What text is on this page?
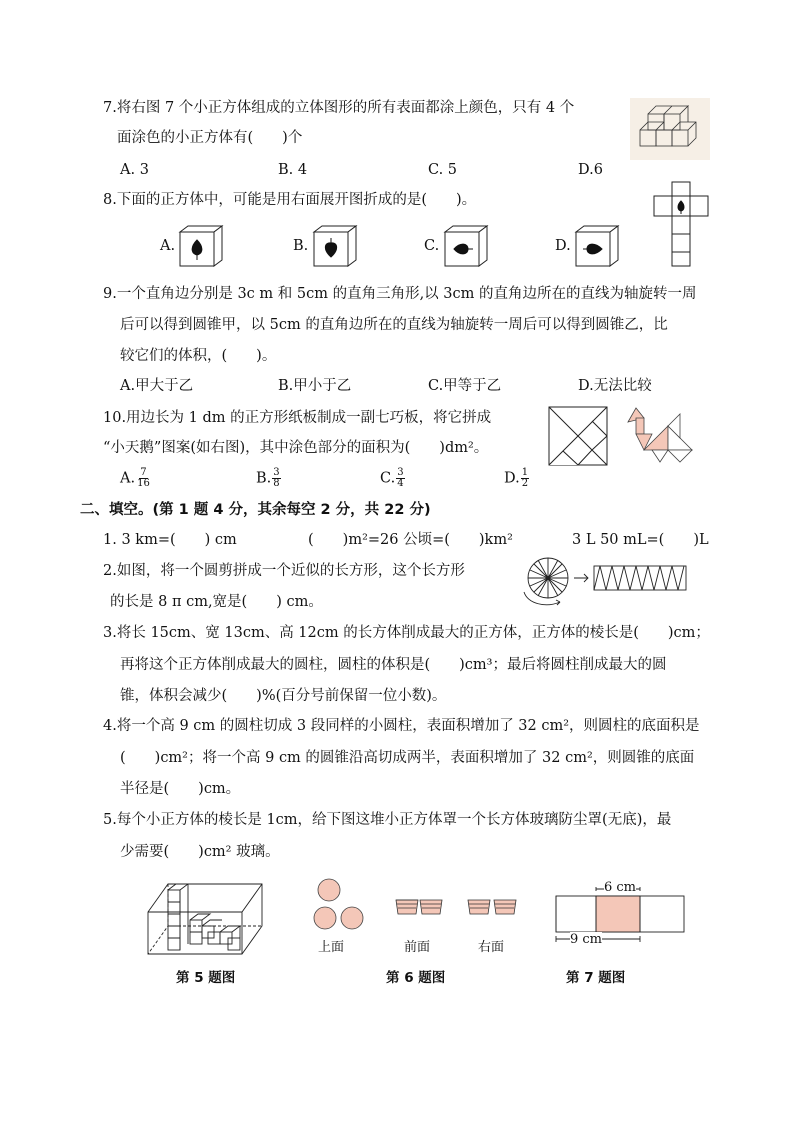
7.将右图 7 个小正方体组成的立体图形的所有表面都涂上颜色，只有 4 个
面涂色的小正方体有(　　)个
A. 3	B. 4	C. 5	D.6
8.下面的正方体中，可能是用右面展开图折成的是(　　)。
A.	B.	C.	D.
9.一个直角边分别是 3c m 和 5cm 的直角三角形,以 3cm 的直角边所在的直线为轴旋转一周
后可以得到圆锥甲，以 5cm 的直角边所在的直线为轴旋转一周后可以得到圆锥乙，比
较它们的体积，(　　)。
A.甲大于乙	B.甲小于乙	C.甲等于乙	D.无法比较
10.用边长为 1 dm 的正方形纸板制成一副七巧板，将它拼成
“小天鹅”图案(如右图)，其中涂色部分的面积为(　　)dm²。
A. $\frac{7}{16}$	B. $\frac{3}{8}$	C. $\frac{3}{4}$	D. $\frac{1}{2}$
二、填空。(第 1 题 4 分，其余每空 2 分，共 22 分)
1. 3 km=(　　) cm	(　　)m²=26 公顷=(　　)km²	3 L 50 mL=(　　)L
2.如图，将一个圆剪拼成一个近似的长方形，这个长方形
的长是 8 π cm,宽是(　　) cm。
3.将长 15cm、宽 13cm、高 12cm 的长方体削成最大的正方体，正方体的棱长是(　　)cm；
再将这个正方体削成最大的圆柱，圆柱的体积是(　　)cm³；最后将圆柱削成最大的圆
锥，体积会减少(　　)%(百分号前保留一位小数)。
4.将一个高 9 cm 的圆柱切成 3 段同样的小圆柱，表面积增加了 32 cm²，则圆柱的底面积是
(　　)cm²；将一个高 9 cm 的圆锥沿高切成两半，表面积增加了 32 cm²，则圆锥的底面
半径是(　　)cm。
5.每个小正方体的棱长是 1cm，给下图这堆小正方体罩一个长方体玻璃防尘罩(无底)，最
少需要(　　)cm² 玻璃。
第 5 题图
上面	前面	右面
第 6 题图
6 cm
9 cm
第 7 题图
